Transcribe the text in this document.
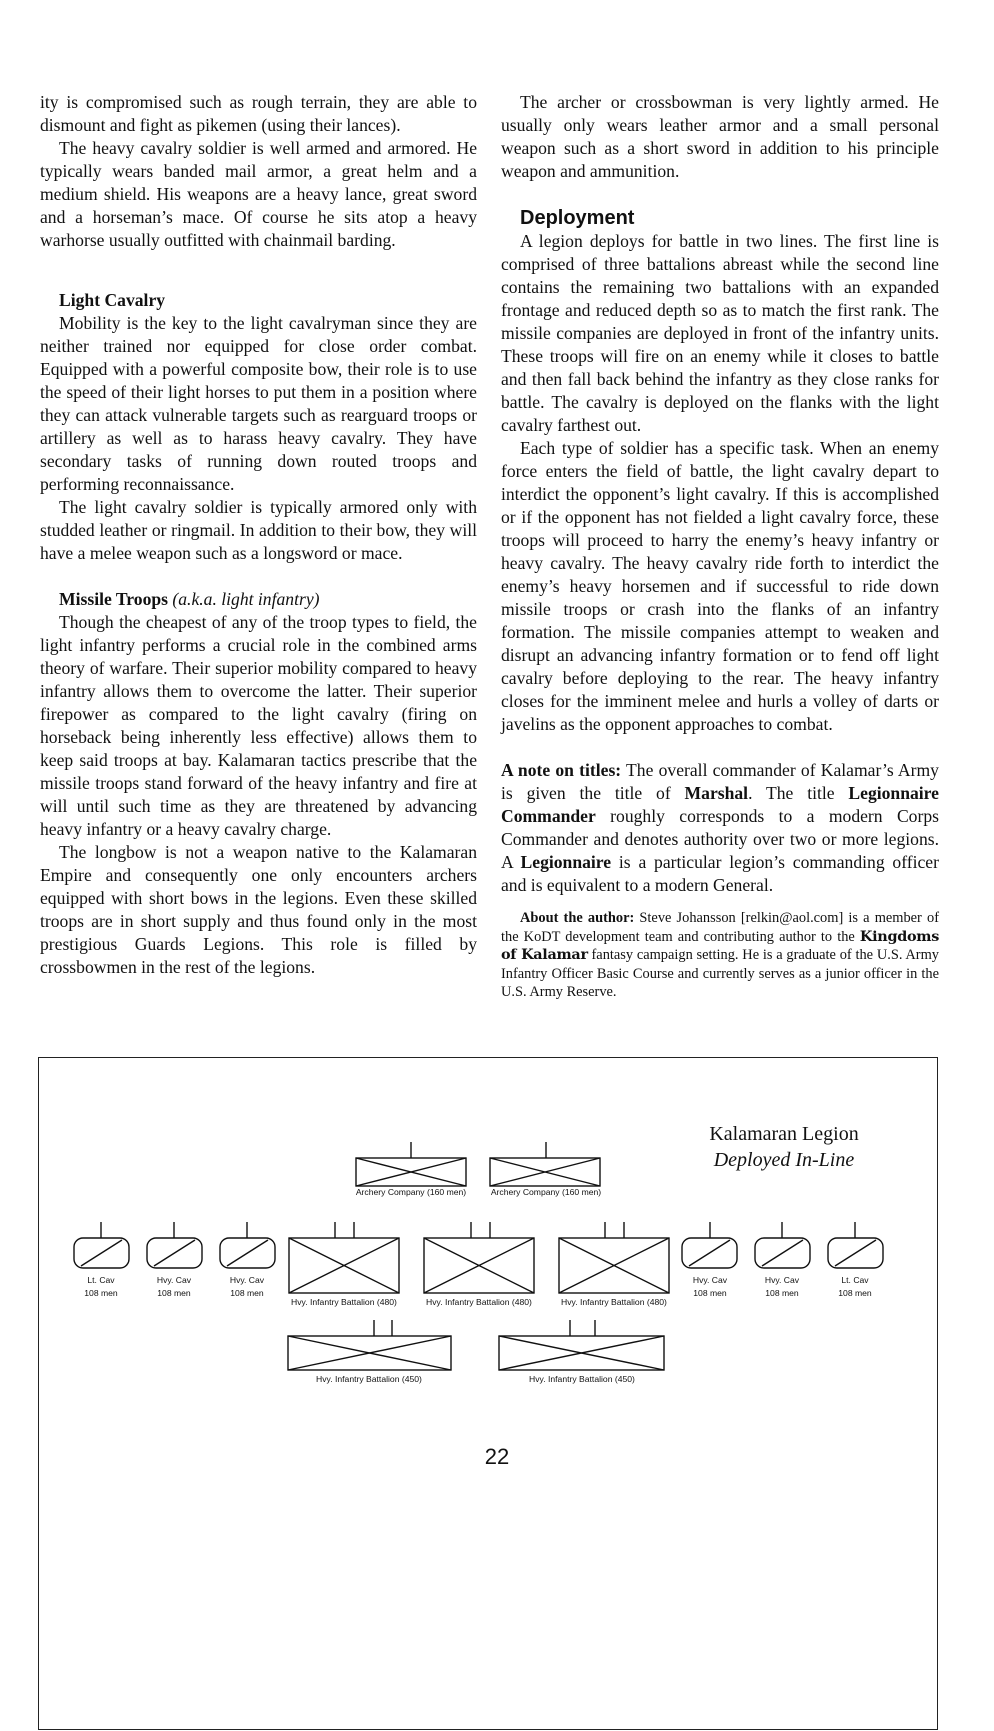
ity is compromised such as rough terrain, they are able to dismount and fight as pikemen (using their lances).

The heavy cavalry soldier is well armed and armored. He typically wears banded mail armor, a great helm and a medium shield. His weapons are a heavy lance, great sword and a horseman’s mace. Of course he sits atop a heavy warhorse usually outfitted with chainmail barding.

Light Cavalry

Mobility is the key to the light cavalryman since they are neither trained nor equipped for close order combat. Equipped with a powerful composite bow, their role is to use the speed of their light horses to put them in a position where they can attack vulnerable targets such as rearguard troops or artillery as well as to harass heavy cavalry. They have secondary tasks of running down routed troops and performing reconnaissance.

The light cavalry soldier is typically armored only with studded leather or ringmail. In addition to their bow, they will have a melee weapon such as a longsword or mace.

Missile Troops (a.k.a. light infantry)

Though the cheapest of any of the troop types to field, the light infantry performs a crucial role in the combined arms theory of warfare. Their superior mobility compared to heavy infantry allows them to overcome the latter. Their superior firepower as compared to the light cavalry (firing on horseback being inherently less effective) allows them to keep said troops at bay. Kalamaran tactics prescribe that the missile troops stand forward of the heavy infantry and fire at will until such time as they are threatened by advancing heavy infantry or a heavy cavalry charge.

The longbow is not a weapon native to the Kalamaran Empire and consequently one only encounters archers equipped with short bows in the legions. Even these skilled troops are in short supply and thus found only in the most prestigious Guards Legions. This role is filled by crossbowmen in the rest of the legions.

The archer or crossbowman is very lightly armed. He usually only wears leather armor and a small personal weapon such as a short sword in addition to his principle weapon and ammunition.

Deployment

A legion deploys for battle in two lines. The first line is comprised of three battalions abreast while the second line contains the remaining two battalions with an expanded frontage and reduced depth so as to match the first rank. The missile companies are deployed in front of the infantry units. These troops will fire on an enemy while it closes to battle and then fall back behind the infantry as they close ranks for battle. The cavalry is deployed on the flanks with the light cavalry farthest out.

Each type of soldier has a specific task. When an enemy force enters the field of battle, the light cavalry depart to interdict the opponent’s light cavalry. If this is accomplished or if the opponent has not fielded a light cavalry force, these troops will proceed to harry the enemy’s heavy infantry or heavy cavalry. The heavy cavalry ride forth to interdict the enemy’s heavy horsemen and if successful to ride down missile troops or crash into the flanks of an infantry formation. The missile companies attempt to weaken and disrupt an advancing infantry formation or to fend off light cavalry before deploying to the rear. The heavy infantry closes for the imminent melee and hurls a volley of darts or javelins as the opponent approaches to combat.

A note on titles: The overall commander of Kalamar’s Army is given the title of Marshal. The title Legionnaire Commander roughly corresponds to a modern Corps Commander and denotes authority over two or more legions. A Legionnaire is a particular legion’s commanding officer and is equivalent to a modern General.

About the author: Steve Johansson [relkin@aol.com] is a member of the KoDT development team and contributing author to the Kingdoms of Kalamar fantasy campaign setting. He is a graduate of the U.S. Army Infantry Officer Basic Course and currently serves as a junior officer in the U.S. Army Reserve.

Kalamaran Legion
Deployed In-Line
Archery Company (160 men)	Archery Company (160 men)
Lt. Cav
108 men
Hvy. Cav
108 men
Hvy. Cav
108 men
Hvy. Infantry Battalion (480)	Hvy. Infantry Battalion (480)	Hvy. Infantry Battalion (480)
Hvy. Cav
108 men
Hvy. Cav
108 men
Lt. Cav
108 men
Hvy. Infantry Battalion (450)	Hvy. Infantry Battalion (450)
22
